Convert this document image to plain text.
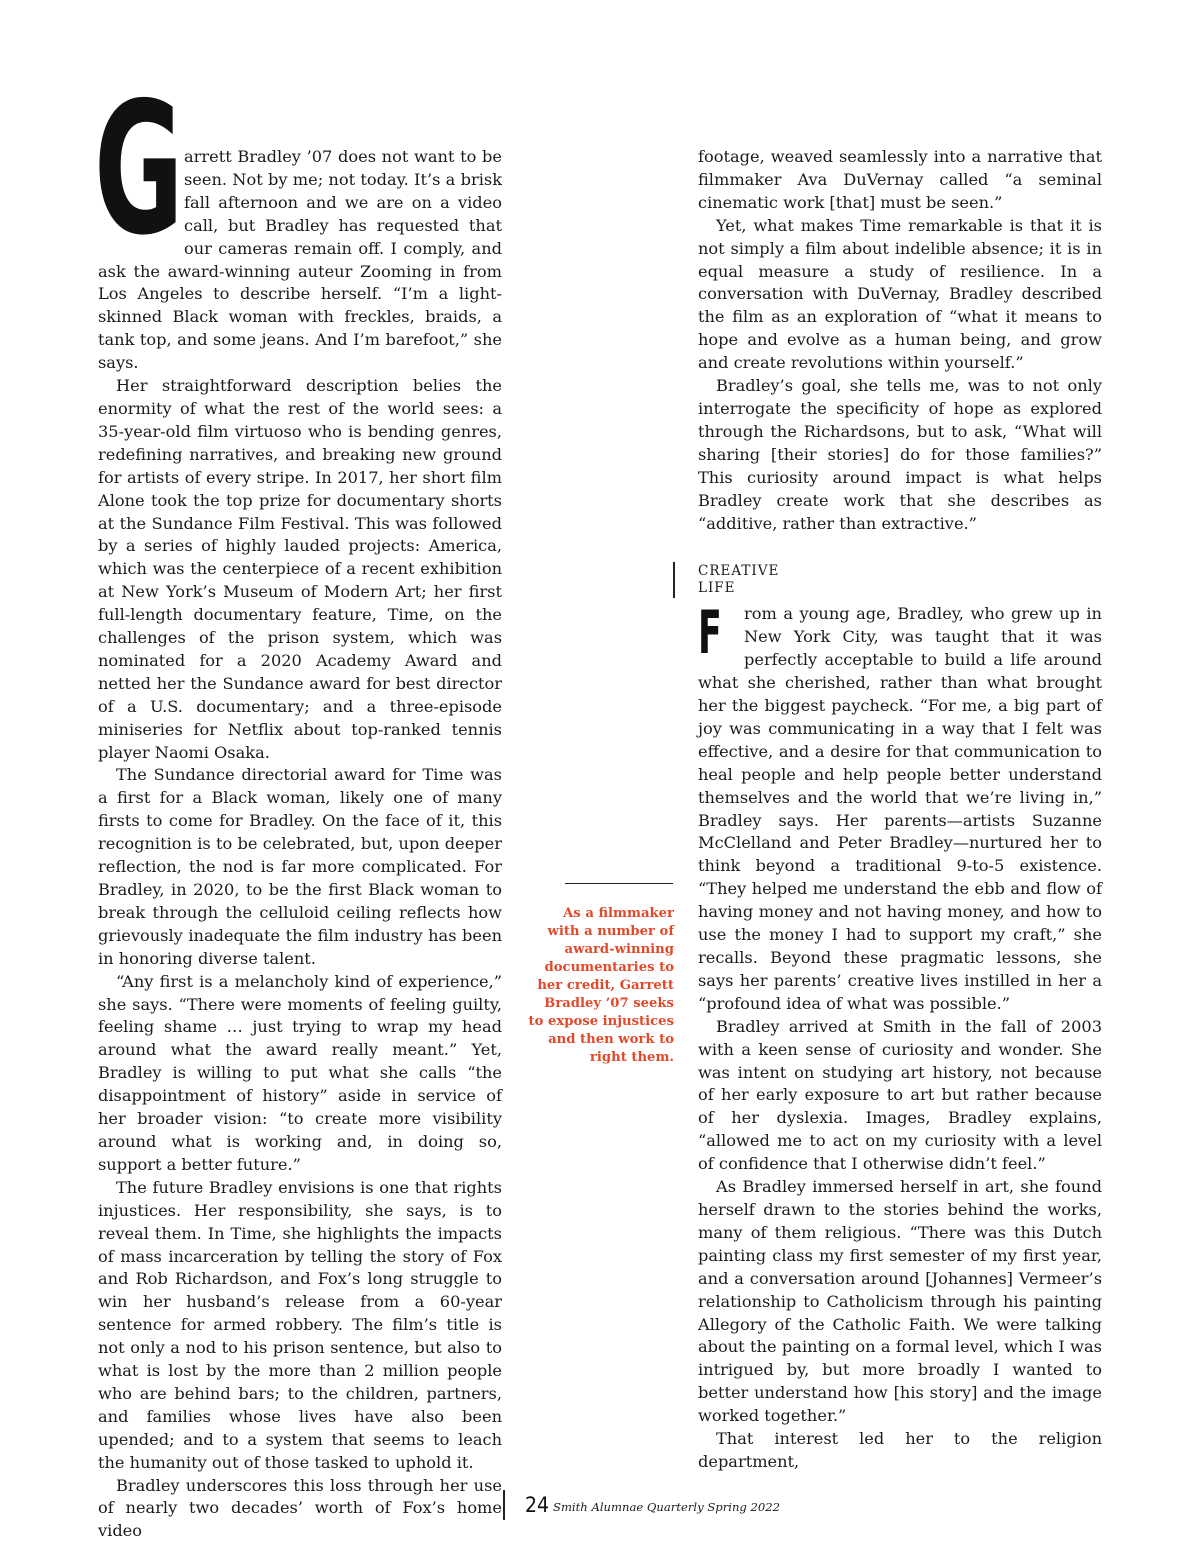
G arrett Bradley ’07 does not want to be seen. Not by me; not today. It’s a brisk fall afternoon and we are on a video call, but Bradley has requested that our cameras remain off. I comply, and ask the award-winning auteur Zooming in from Los Angeles to describe herself. “I’m a light-skinned Black woman with freckles, braids, a tank top, and some jeans. And I’m barefoot,” she says.

Her straightforward description belies the enormity of what the rest of the world sees: a 35-year-old film virtuoso who is bending genres, redefining narratives, and breaking new ground for artists of every stripe. In 2017, her short film Alone took the top prize for documentary shorts at the Sundance Film Festival. This was followed by a series of highly lauded projects: America, which was the centerpiece of a recent exhibition at New York’s Museum of Modern Art; her first full-length documentary feature, Time, on the challenges of the prison system, which was nominated for a 2020 Academy Award and netted her the Sundance award for best director of a U.S. documentary; and a three-episode miniseries for Netflix about top-ranked tennis player Naomi Osaka.

The Sundance directorial award for Time was a first for a Black woman, likely one of many firsts to come for Bradley. On the face of it, this recognition is to be celebrated, but, upon deeper reflection, the nod is far more complicated. For Bradley, in 2020, to be the first Black woman to break through the celluloid ceiling reflects how grievously inadequate the film industry has been in honoring diverse talent.

“Any first is a melancholy kind of experience,” she says. “There were moments of feeling guilty, feeling shame … just trying to wrap my head around what the award really meant.” Yet, Bradley is willing to put what she calls “the disappointment of history” aside in service of her broader vision: “to create more visibility around what is working and, in doing so, support a better future.”

The future Bradley envisions is one that rights injustices. Her responsibility, she says, is to reveal them. In Time, she highlights the impacts of mass incarceration by telling the story of Fox and Rob Richardson, and Fox’s long struggle to win her husband’s release from a 60-year sentence for armed robbery. The film’s title is not only a nod to his prison sentence, but also to what is lost by the more than 2 million people who are behind bars; to the children, partners, and families whose lives have also been upended; and to a system that seems to leach the humanity out of those tasked to uphold it.

Bradley underscores this loss through her use of nearly two decades’ worth of Fox’s home video

As a filmmaker with a number of award-winning documentaries to her credit, Garrett Bradley ’07 seeks to expose injustices and then work to right them.

footage, weaved seamlessly into a narrative that filmmaker Ava DuVernay called “a seminal cinematic work [that] must be seen.”

Yet, what makes Time remarkable is that it is not simply a film about indelible absence; it is in equal measure a study of resilience. In a conversation with DuVernay, Bradley described the film as an exploration of “what it means to hope and evolve as a human being, and grow and create revolutions within yourself.”

Bradley’s goal, she tells me, was to not only interrogate the specificity of hope as explored through the Richardsons, but to ask, “What will sharing [their stories] do for those families?” This curiosity around impact is what helps Bradley create work that she describes as “additive, rather than extractive.”

CREATIVE
LIFE
F	rom a young age, Bradley, who grew up in New York City, was taught that it was perfectly acceptable to build a life around what she cherished, rather than what brought her the biggest paycheck. “For me, a big part of joy was communicating in a way that I felt was effective, and a desire for that communication to heal people and help people better understand themselves and the world that we’re living in,” Bradley says. Her parents—artists Suzanne McClelland and Peter Bradley—nurtured her to think beyond a traditional 9-to-5 existence. “They helped me understand the ebb and flow of having money and not having money, and how to use the money I had to support my craft,” she recalls. Beyond these pragmatic lessons, she says her parents’ creative lives instilled in her a “profound idea of what was possible.”

Bradley arrived at Smith in the fall of 2003 with a keen sense of curiosity and wonder. She was intent on studying art history, not because of her early exposure to art but rather because of her dyslexia. Images, Bradley explains, “allowed me to act on my curiosity with a level of confidence that I otherwise didn’t feel.”

As Bradley immersed herself in art, she found herself drawn to the stories behind the works, many of them religious. “There was this Dutch painting class my first semester of my first year, and a conversation around [Johannes] Vermeer’s relationship to Catholicism through his painting Allegory of the Catholic Faith. We were talking about the painting on a formal level, which I was intrigued by, but more broadly I wanted to better understand how [his story] and the image worked together.”

That interest led her to the religion department,

24 Smith Alumnae Quarterly Spring 2022
